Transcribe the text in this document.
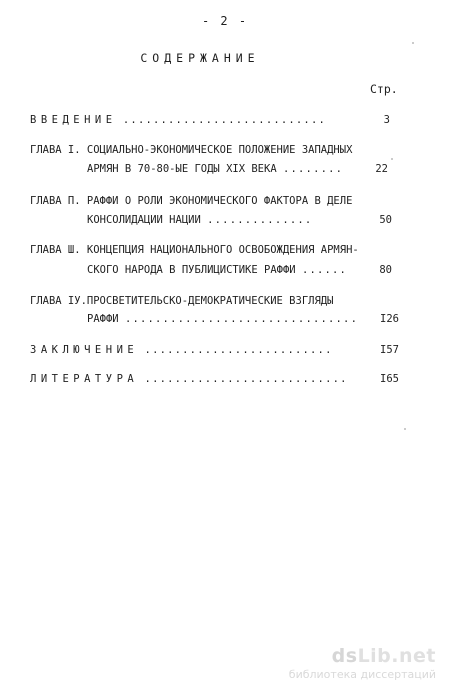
- 2 -
СОДЕРЖАНИЕ
Стр.
ВВЕДЕНИЕ ...........................	3
ГЛАВА I. СОЦИАЛЬНО-ЭКОНОМИЧЕСКОЕ ПОЛОЖЕНИЕ ЗАПАДНЫХ
АРМЯН В 70-80-ЫЕ ГОДЫ XIX ВЕКА ........	22
ГЛАВА П. РАФФИ О РОЛИ ЭКОНОМИЧЕСКОГО ФАКТОРА В ДЕЛЕ
КОНСОЛИДАЦИИ НАЦИИ ..............	50
ГЛАВА Ш. КОНЦЕПЦИЯ НАЦИОНАЛЬНОГО ОСВОБОЖДЕНИЯ АРМЯН-
СКОГО НАРОДА В ПУБЛИЦИСТИКЕ РАФФИ ......	80
ГЛАВА IУ.ПРОСВЕТИТЕЛЬСКО-ДЕМОКРАТИЧЕСКИЕ ВЗГЛЯДЫ
РАФФИ ...............................	I26
ЗАКЛЮЧЕНИЕ .........................	I57
ЛИТЕРАТУРА ...........................	I65
dsLib.net
библиотека диссертаций
